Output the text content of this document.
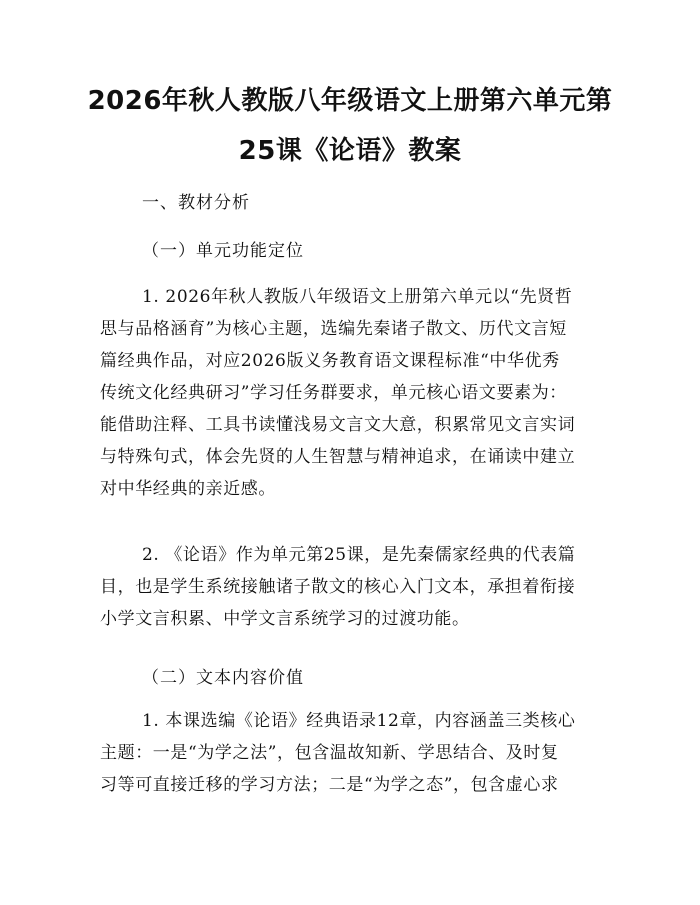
2026年秋人教版八年级语文上册第六单元第
25课《论语》教案
一、教材分析
（一）单元功能定位
1. 2026年秋人教版八年级语文上册第六单元以“先贤哲
思与品格涵育”为核心主题，选编先秦诸子散文、历代文言短
篇经典作品，对应2026版义务教育语文课程标准“中华优秀
传统文化经典研习”学习任务群要求，单元核心语文要素为：
能借助注释、工具书读懂浅易文言文大意，积累常见文言实词
与特殊句式，体会先贤的人生智慧与精神追求，在诵读中建立
对中华经典的亲近感。
2. 《论语》作为单元第25课，是先秦儒家经典的代表篇
目，也是学生系统接触诸子散文的核心入门文本，承担着衔接
小学文言积累、中学文言系统学习的过渡功能。
（二）文本内容价值
1. 本课选编《论语》经典语录12章，内容涵盖三类核心
主题：一是“为学之法”，包含温故知新、学思结合、及时复
习等可直接迁移的学习方法；二是“为学之态”，包含虚心求
